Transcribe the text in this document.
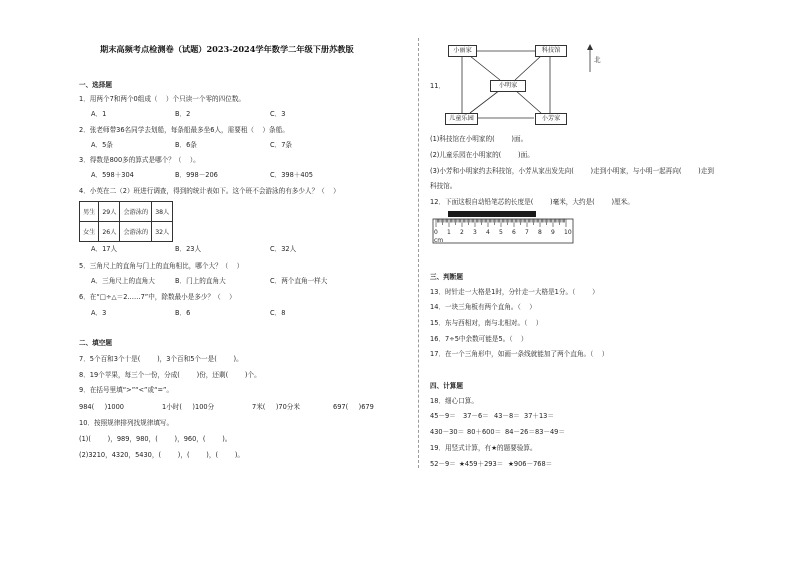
期末高频考点检测卷（试题）2023-2024学年数学二年级下册苏教版
一、选择题
1．用两个7和两个0组成（    ）个只读一个零的四位数。
A．1	B．2	C．3
2．张老师带36名同学去划船，每条船最多坐6人，需要租（    ）条船。
A．5条	B．6条	C．7条
3．得数是800多的算式是哪个？（    ）。
A．598＋304	B．998－206	C．398＋405
4．小英在二（2）班进行调查，得到的统计表如下。这个班不会游泳的有多少人？（    ）
男生	29人	会游泳的	38人
女生	26人	会游泳的	32人
A．17人	B．23人	C．32人
5．三角尺上的直角与门上的直角相比，哪个大？（    ）
A．三角尺上的直角大	B．门上的直角大	C．两个直角一样大
6．在“□÷△＝2……7”中，除数最小是多少？（    ）
A．3	B．6	C．8
二、填空题
7．5个百和3个十是(        )，3个百和5个一是(        )。
8．19个苹果，每三个一份，分成(        )份，还剩(        )个。
9．在括号里填“>”“<”或“=”。
984(     )1000	1小时(     )100分	7米(     )70分米	697(     )679
10．按照规律排列找规律填写。
(1)(        )，989，980，(        )，960，(        )。
(2)3210，4320，5430，(        )，(        )，(        )。
小丽家	科技馆
小明家
儿童乐园	小芳家
北
11．
(1)科技馆在小明家的(        )面。
(2)儿童乐园在小明家的(        )面。
(3)小芳和小明家约去科技馆，小芳从家出发先向(        )走到小明家，与小明一起再向(        )走到
科技馆。
12．下面这根自动铅笔芯的长度是(        )毫米，大约是(        )厘米。
cm
0 1 2 3 4 5 6 7 8 9 10
三、判断题
13．时针走一大格是1时，分针走一大格是1分。（        ）
14．一块三角板有两个直角。（    ）
15．东与西相对，南与北相对。（    ）
16．7÷5中余数可能是5。（    ）
17．在一个三角形中，如画一条线就能加了两个直角。（    ）
四、计算题
18．细心口算。
45－9＝ 37－6＝ 43－8＝ 37＋13＝
430－30＝ 80＋600＝ 84－26＝ 83－49＝
19．用竖式计算，有★的题要验算。
52－9＝ ★459＋293＝ ★906－768＝
